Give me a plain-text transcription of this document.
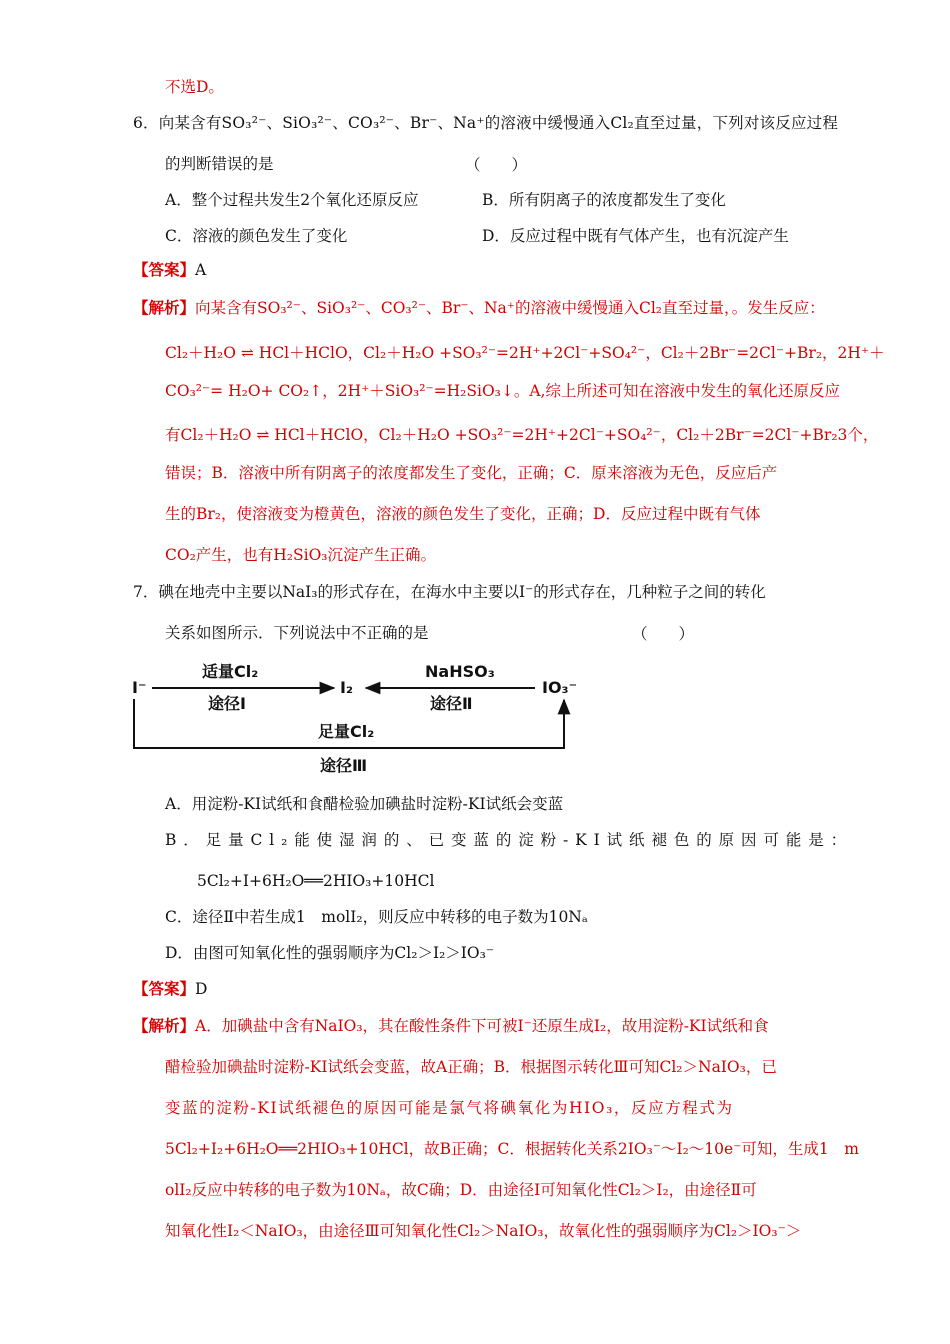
不选D。
6．向某含有SO₃²⁻、SiO₃²⁻、CO₃²⁻、Br⁻、Na⁺的溶液中缓慢通入Cl₂直至过量，下列对该反应过程
的判断错误的是	（　　）
A．整个过程共发生2个氧化还原反应	B．所有阴离子的浓度都发生了变化
C．溶液的颜色发生了变化	D．反应过程中既有气体产生，也有沉淀产生
【答案】A
【解析】向某含有SO₃²⁻、SiO₃²⁻、CO₃²⁻、Br⁻、Na⁺的溶液中缓慢通入Cl₂直至过量，。发生反应：
Cl₂＋H₂O ⇌ HCl＋HClO，Cl₂＋H₂O +SO₃²⁻=2H⁺+2Cl⁻+SO₄²⁻，Cl₂＋2Br⁻=2Cl⁻+Br₂，2H⁺＋
CO₃²⁻= H₂O+ CO₂↑，2H⁺＋SiO₃²⁻=H₂SiO₃↓。A,综上所述可知在溶液中发生的氧化还原反应
有Cl₂＋H₂O ⇌ HCl＋HClO，Cl₂＋H₂O +SO₃²⁻=2H⁺+2Cl⁻+SO₄²⁻，Cl₂＋2Br⁻=2Cl⁻+Br₂3个，
错误；B．溶液中所有阴离子的浓度都发生了变化，正确；C．原来溶液为无色，反应后产
生的Br₂，使溶液变为橙黄色，溶液的颜色发生了变化，正确；D．反应过程中既有气体
CO₂产生，也有H₂SiO₃沉淀产生正确。
7．碘在地壳中主要以NaI₃的形式存在，在海水中主要以I⁻的形式存在，几种粒子之间的转化
关系如图所示．下列说法中不正确的是	（　　）
I⁻	I₂	IO₃⁻
适量Cl₂
途径Ⅰ
NaHSO₃
途径Ⅱ
足量Cl₂
途径Ⅲ
A．用淀粉-KI试纸和食醋检验加碘盐时淀粉-KI试纸会变蓝
B．足量Cl₂能使湿润的、已变蓝的淀粉-KI试纸褪色的原因可能是：
5Cl₂+I+6H₂O══2HIO₃+10HCl
C．途径Ⅱ中若生成1　molI₂，则反应中转移的电子数为10Nₐ
D．由图可知氧化性的强弱顺序为Cl₂＞I₂＞IO₃⁻
【答案】D
【解析】A．加碘盐中含有NaIO₃，其在酸性条件下可被I⁻还原生成I₂，故用淀粉-KI试纸和食
醋检验加碘盐时淀粉-KI试纸会变蓝，故A正确；B．根据图示转化Ⅲ可知Cl₂＞NaIO₃，已
变蓝的淀粉-KI试纸褪色的原因可能是氯气将碘氧化为HIO₃，反应方程式为
5Cl₂+I₂+6H₂O══2HIO₃+10HCl，故B正确；C．根据转化关系2IO₃⁻～I₂～10e⁻可知，生成1　m
olI₂反应中转移的电子数为10Nₐ，故C确；D．由途径Ⅰ可知氧化性Cl₂＞I₂，由途径Ⅱ可
知氧化性I₂＜NaIO₃，由途径Ⅲ可知氧化性Cl₂＞NaIO₃，故氧化性的强弱顺序为Cl₂＞IO₃⁻＞
